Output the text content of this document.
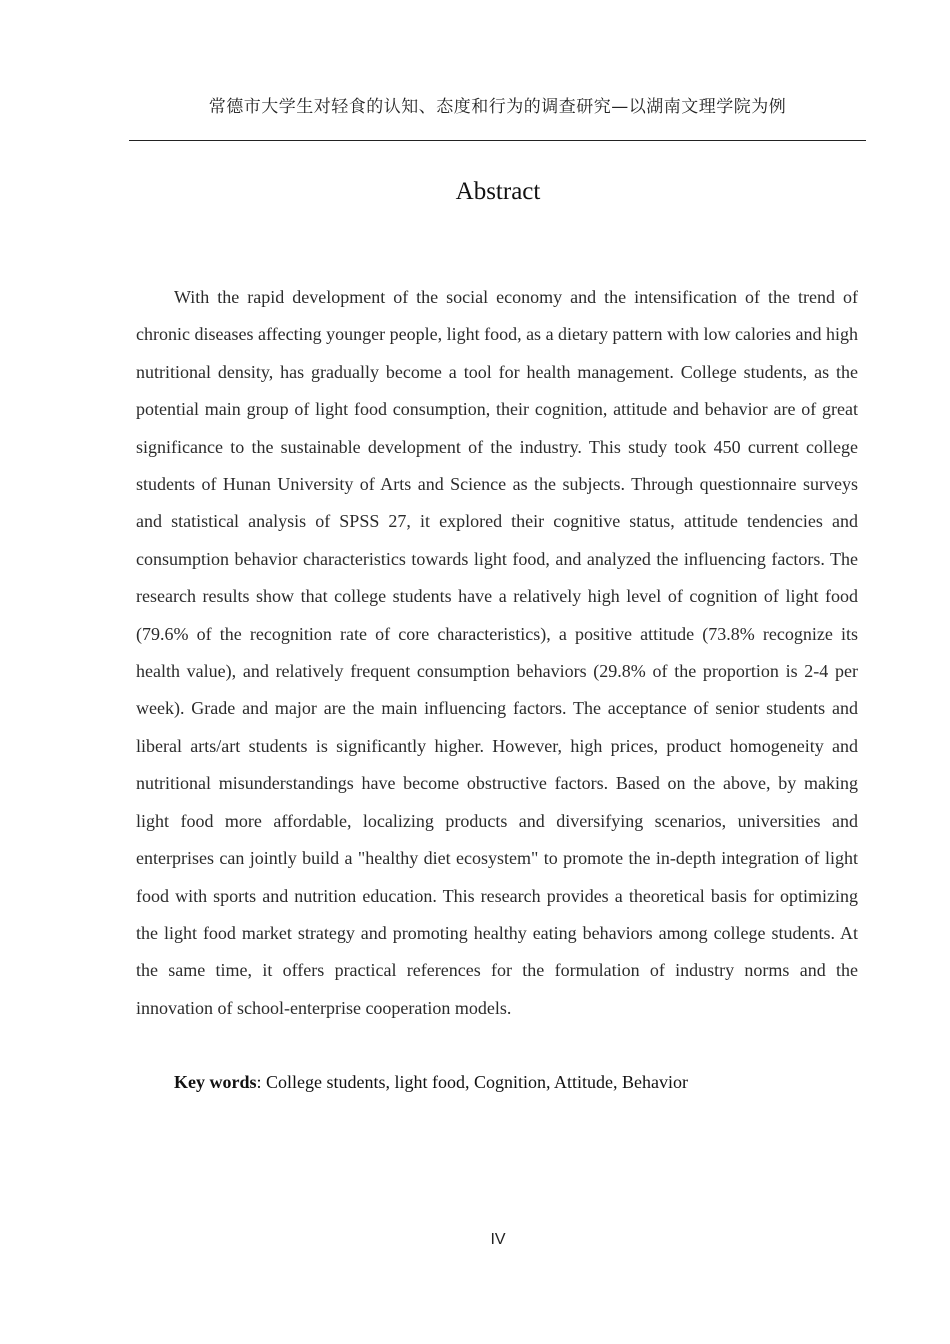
常德市大学生对轻食的认知、态度和行为的调查研究—以湖南文理学院为例
Abstract

With the rapid development of the social economy and the intensification of the trend of chronic diseases affecting younger people, light food, as a dietary pattern with low calories and high nutritional density, has gradually become a tool for health management. College students, as the potential main group of light food consumption, their cognition, attitude and behavior are of great significance to the sustainable development of the industry. This study took 450 current college students of Hunan University of Arts and Science as the subjects. Through questionnaire surveys and statistical analysis of SPSS 27, it explored their cognitive status, attitude tendencies and consumption behavior characteristics towards light food, and analyzed the influencing factors. The research results show that college students have a relatively high level of cognition of light food (79.6% of the recognition rate of core characteristics), a positive attitude (73.8% recognize its health value), and relatively frequent consumption behaviors (29.8% of the proportion is 2-4 per week). Grade and major are the main influencing factors. The acceptance of senior students and liberal arts/art students is significantly higher. However, high prices, product homogeneity and nutritional misunderstandings have become obstructive factors. Based on the above, by making light food more affordable, localizing products and diversifying scenarios, universities and enterprises can jointly build a "healthy diet ecosystem" to promote the in-depth integration of light food with sports and nutrition education. This research provides a theoretical basis for optimizing the light food market strategy and promoting healthy eating behaviors among college students. At the same time, it offers practical references for the formulation of industry norms and the innovation of school-enterprise cooperation models.

Key words: College students, light food, Cognition, Attitude, Behavior

IV
